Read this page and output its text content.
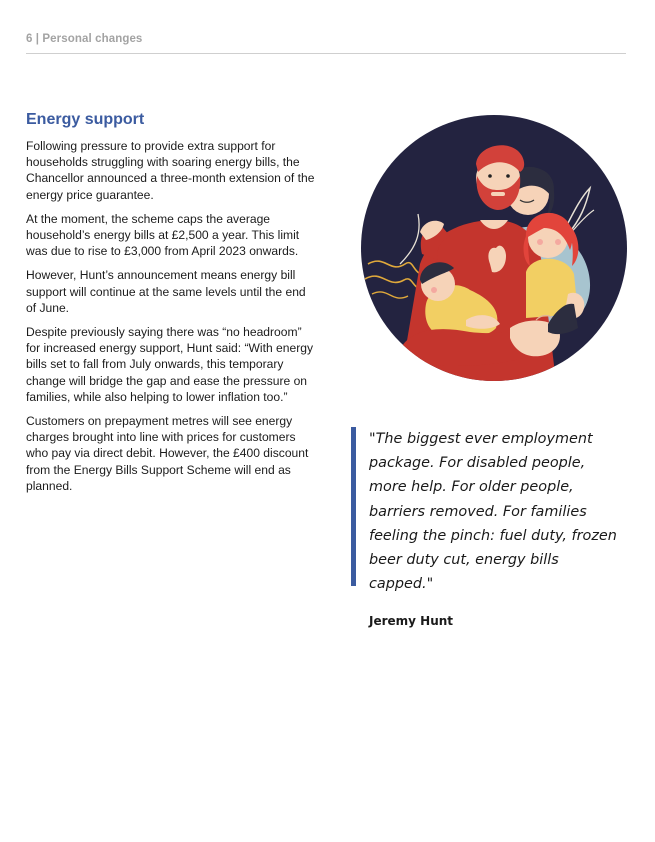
6 | Personal changes
Energy support

Following pressure to provide extra support for households struggling with soaring energy bills, the Chancellor announced a three-month extension of the energy price guarantee.

At the moment, the scheme caps the average household’s energy bills at £2,500 a year. This limit was due to rise to £3,000 from April 2023 onwards.

However, Hunt’s announcement means energy bill support will continue at the same levels until the end of June.

Despite previously saying there was “no headroom” for increased energy support, Hunt said: “With energy bills set to fall from July onwards, this temporary change will bridge the gap and ease the pressure on families, while also helping to lower inflation too.”

Customers on prepayment metres will see energy charges brought into line with prices for customers who pay via direct debit. However, the £400 discount from the Energy Bills Support Scheme will end as planned.

"The biggest ever employment package. For disabled people, more help. For older people, barriers removed. For families feeling the pinch: fuel duty, frozen beer duty cut, energy bills capped."

Jeremy Hunt
